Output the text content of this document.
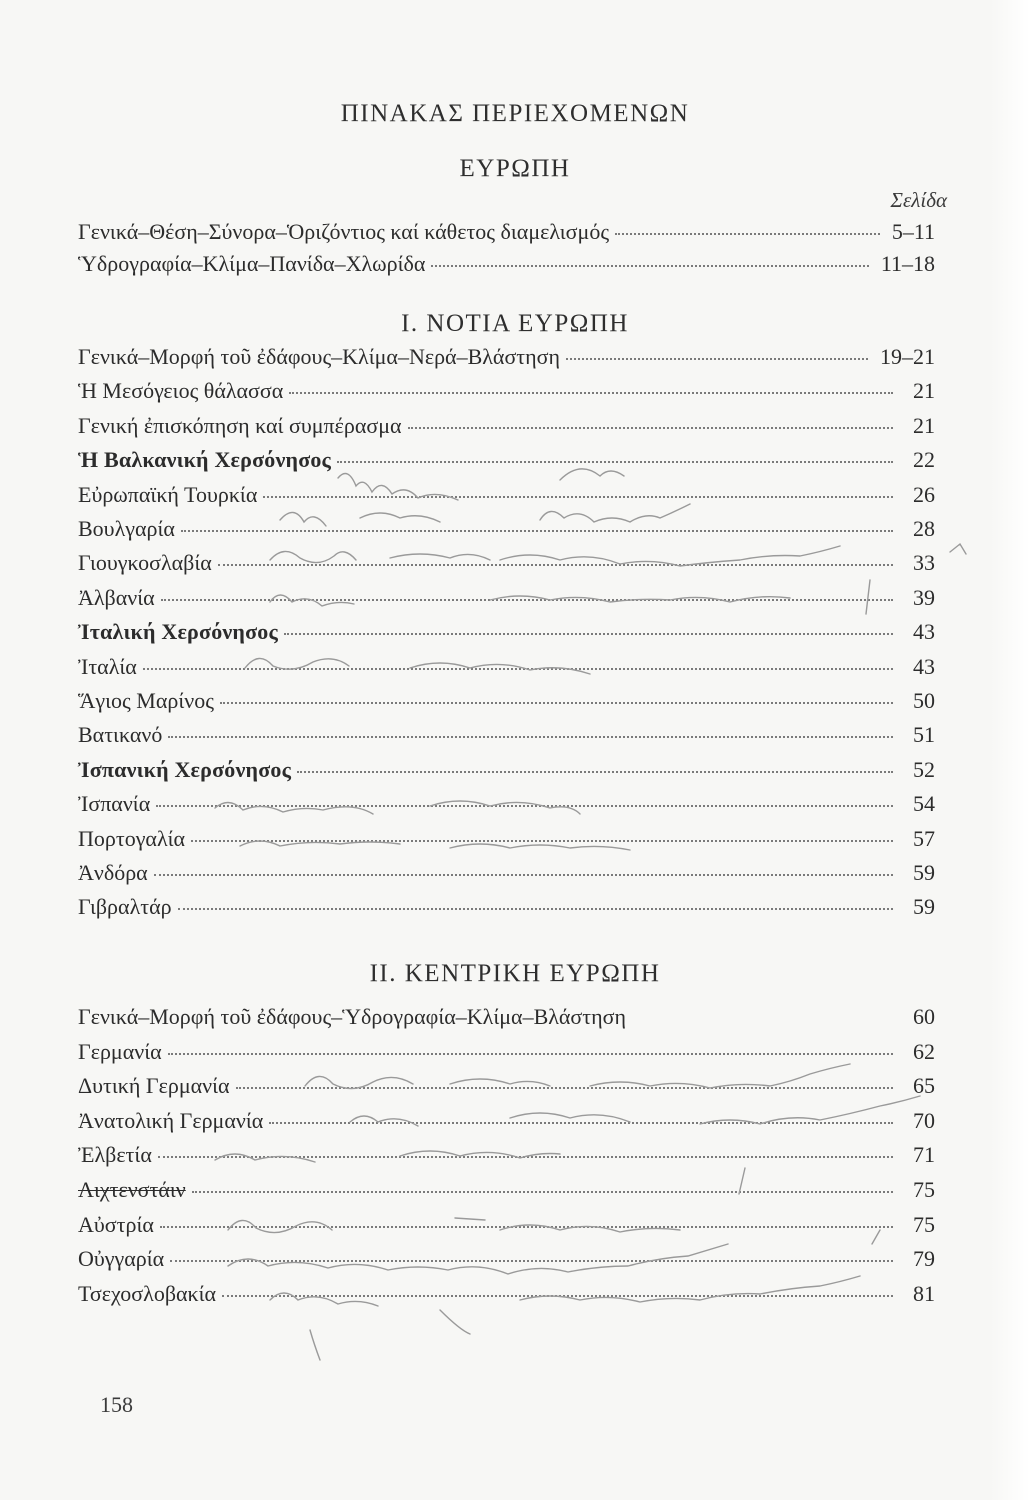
ΠΙΝΑΚΑΣ ΠΕΡΙΕΧΟΜΕΝΩΝ
ΕΥΡΩΠΗ
Σελίδα
Γενικά–Θέση–Σύνορα–Ὁριζόντιος καί κάθετος διαμελισμός	5–11
Ὑδρογραφία–Κλίμα–Πανίδα–Χλωρίδα	11–18
Ι. ΝΟΤΙΑ ΕΥΡΩΠΗ
Γενικά–Μορφή τοῦ ἐδάφους–Κλίμα–Νερά–Βλάστηση	19–21
Ἡ Μεσόγειος θάλασσα	21
Γενική ἐπισκόπηση καί συμπέρασμα	21
Ἡ Βαλκανική Χερσόνησος	22
Εὐρωπαϊκή Τουρκία	26
Βουλγαρία	28
Γιουγκοσλαβία	33
Ἀλβανία	39
Ἰταλική Χερσόνησος	43
Ἰταλία	43
Ἅγιος Μαρίνος	50
Βατικανό	51
Ἰσπανική Χερσόνησος	52
Ἰσπανία	54
Πορτογαλία	57
Ἀνδόρα	59
Γιβραλτάρ	59
ΙΙ. ΚΕΝΤΡΙΚΗ ΕΥΡΩΠΗ
Γενικά–Μορφή τοῦ ἐδάφους–Ὑδρογραφία–Κλίμα–Βλάστηση	60
Γερμανία	62
Δυτική Γερμανία	65
Ἀνατολική Γερμανία	70
Ἐλβετία	71
Λιχτενστάιν	75
Αὐστρία	75
Οὐγγαρία	79
Τσεχοσλοβακία	81
158
